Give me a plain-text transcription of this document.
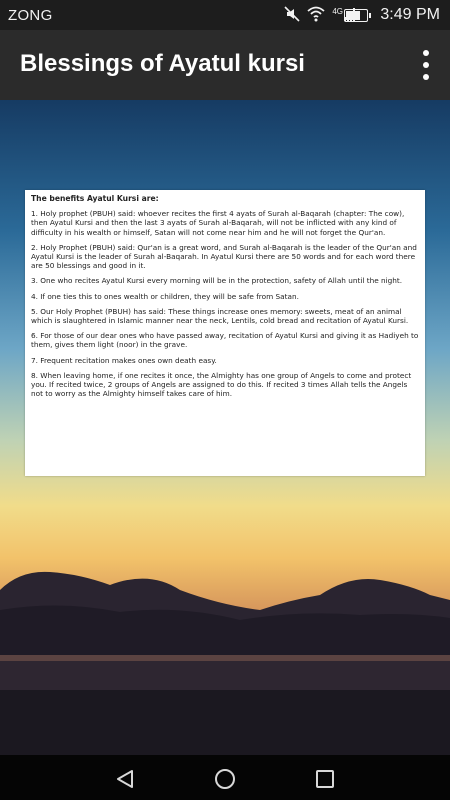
ZONG	4G 3:49 PM
Blessings of Ayatul kursi
The benefits Ayatul Kursi are:

1. Holy prophet (PBUH) said: whoever recites the first 4 ayats of Surah al-Baqarah (chapter: The cow), then Ayatul Kursi and then the last 3 ayats of Surah al-Baqarah, will not be inflicted with any kind of difficulty in his wealth or himself, Satan will not come near him and he will not forget the Qur'an.

2. Holy Prophet (PBUH) said: Qur'an is a great word, and Surah al-Baqarah is the leader of the Qur'an and Ayatul Kursi is the leader of Surah al-Baqarah. In Ayatul Kursi there are 50 words and for each word there are 50 blessings and good in it.

3. One who recites Ayatul Kursi every morning will be in the protection, safety of Allah until the night.

4. If one ties this to ones wealth or children, they will be safe from Satan.

5. Our Holy Prophet (PBUH) has said: These things increase ones memory: sweets, meat of an animal which is slaughtered in Islamic manner near the neck, Lentils, cold bread and recitation of Ayatul Kursi.

6. For those of our dear ones who have passed away, recitation of Ayatul Kursi and giving it as Hadiyeh to them, gives them light (noor) in the grave.

7. Frequent recitation makes ones own death easy.

8. When leaving home, if one recites it once, the Almighty has one group of Angels to come and protect you. If recited twice, 2 groups of Angels are assigned to do this. If recited 3 times Allah tells the Angels not to worry as the Almighty himself takes care of him.
